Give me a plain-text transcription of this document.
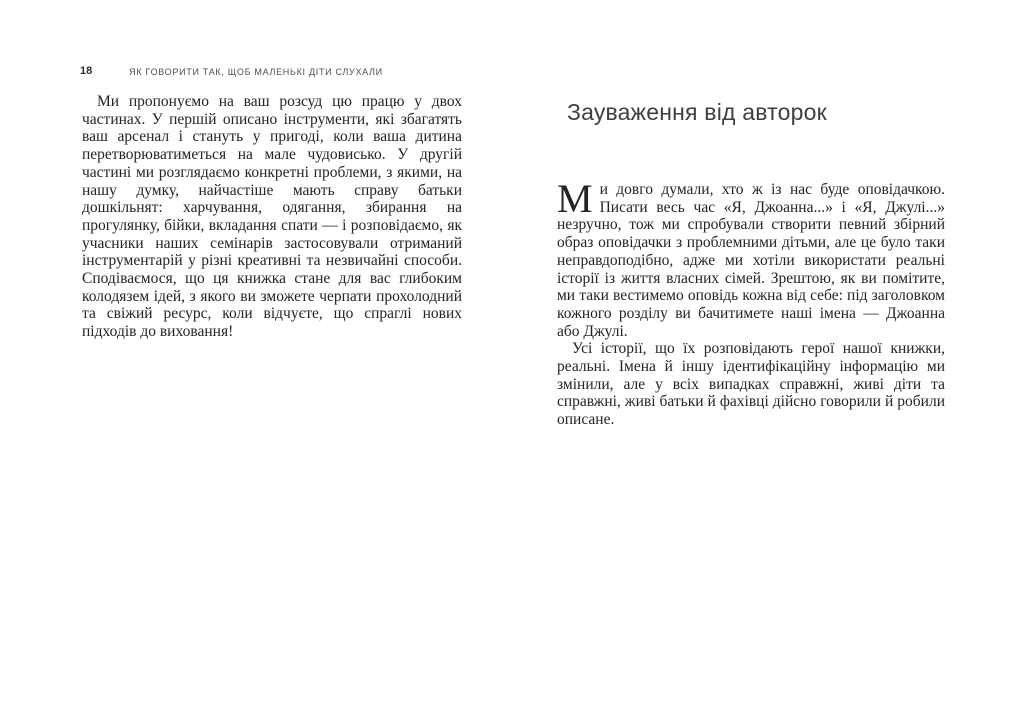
18	ЯК ГОВОРИТИ ТАК, ЩОБ МАЛЕНЬКІ ДІТИ СЛУХАЛИ

Ми пропонуємо на ваш розсуд цю працю у двох частинах. У першій описано інструменти, які збагатять ваш арсенал і стануть у пригоді, коли ваша дитина перетворюватиметься на мале чудовисько. У другій частині ми розглядаємо конкретні проблеми, з якими, на нашу думку, найчастіше мають справу батьки дошкільнят: харчування, одягання, збирання на прогулянку, бійки, вкладання спати — і розповідаємо, як учасники наших семінарів застосовували отриманий інструментарій у різні креативні та незвичайні способи. Сподіваємося, що ця книжка стане для вас глибоким колодязем ідей, з якого ви зможете черпати прохолодний та свіжий ресурс, коли відчуєте, що спраглі нових підходів до виховання!

Зауваження від авторок

Ми довго думали, хто ж із нас буде оповідачкою. Писати весь час «Я, Джоанна...» і «Я, Джулі...» незручно, тож ми спробували створити певний збірний образ оповідачки з проблемними дітьми, але це було таки неправдоподібно, адже ми хотіли використати реальні історії із життя власних сімей. Зрештою, як ви помітите, ми таки вестимемо оповідь кожна від себе: під заголовком кожного розділу ви бачитимете наші імена — Джоанна або Джулі.

Усі історії, що їх розповідають герої нашої книжки, реальні. Імена й іншу ідентифікаційну інформацію ми змінили, але у всіх випадках справжні, живі діти та справжні, живі батьки й фахівці дійсно говорили й робили описане.
